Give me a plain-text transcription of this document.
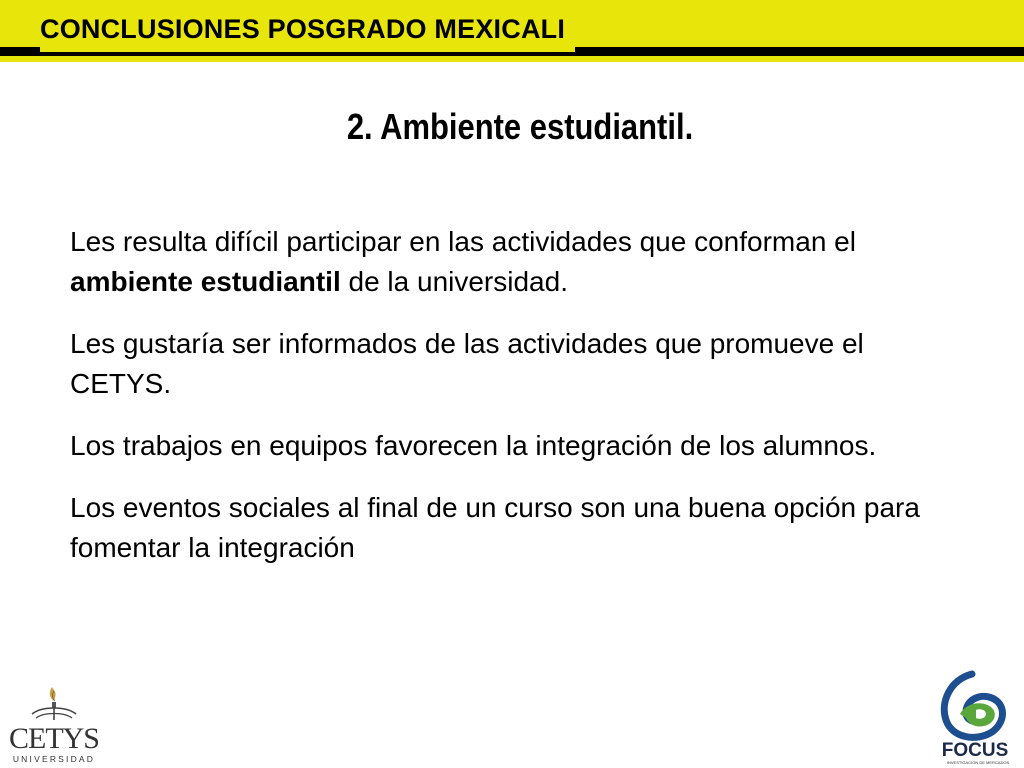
CONCLUSIONES POSGRADO MEXICALI
2. Ambiente estudiantil.

Les resulta difícil participar en las actividades que conforman el ambiente estudiantil de la universidad.

Les gustaría ser informados de las actividades que promueve el CETYS.

Los trabajos en equipos favorecen la integración de los alumnos.

Los eventos sociales al final de un curso son una buena opción para fomentar la integración

CETYS
UNIVERSIDAD	FOCUS
INVESTIGACIÓN DE MERCADOS
